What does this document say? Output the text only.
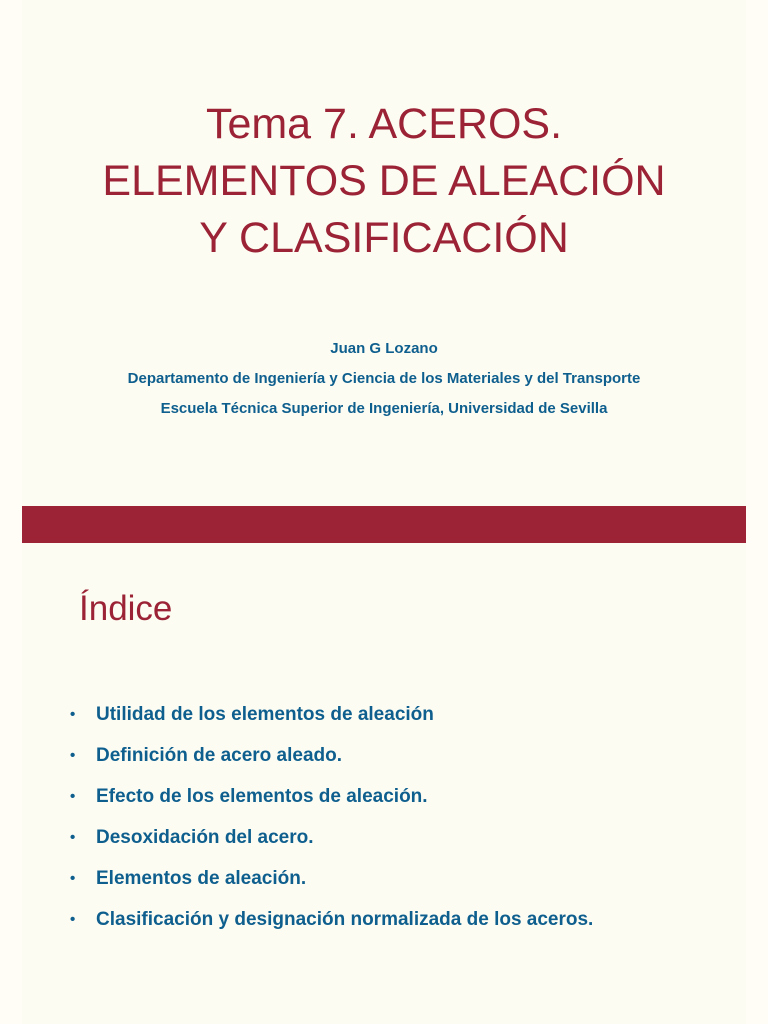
Tema 7. ACEROS.
ELEMENTOS DE ALEACIÓN
Y CLASIFICACIÓN
Juan G Lozano
Departamento de Ingeniería y Ciencia de los Materiales y del Transporte
Escuela Técnica Superior de Ingeniería, Universidad de Sevilla
Índice
• Utilidad de los elementos de aleación
• Definición de acero aleado.
• Efecto de los elementos de aleación.
• Desoxidación del acero.
• Elementos de aleación.
• Clasificación y designación normalizada de los aceros.
